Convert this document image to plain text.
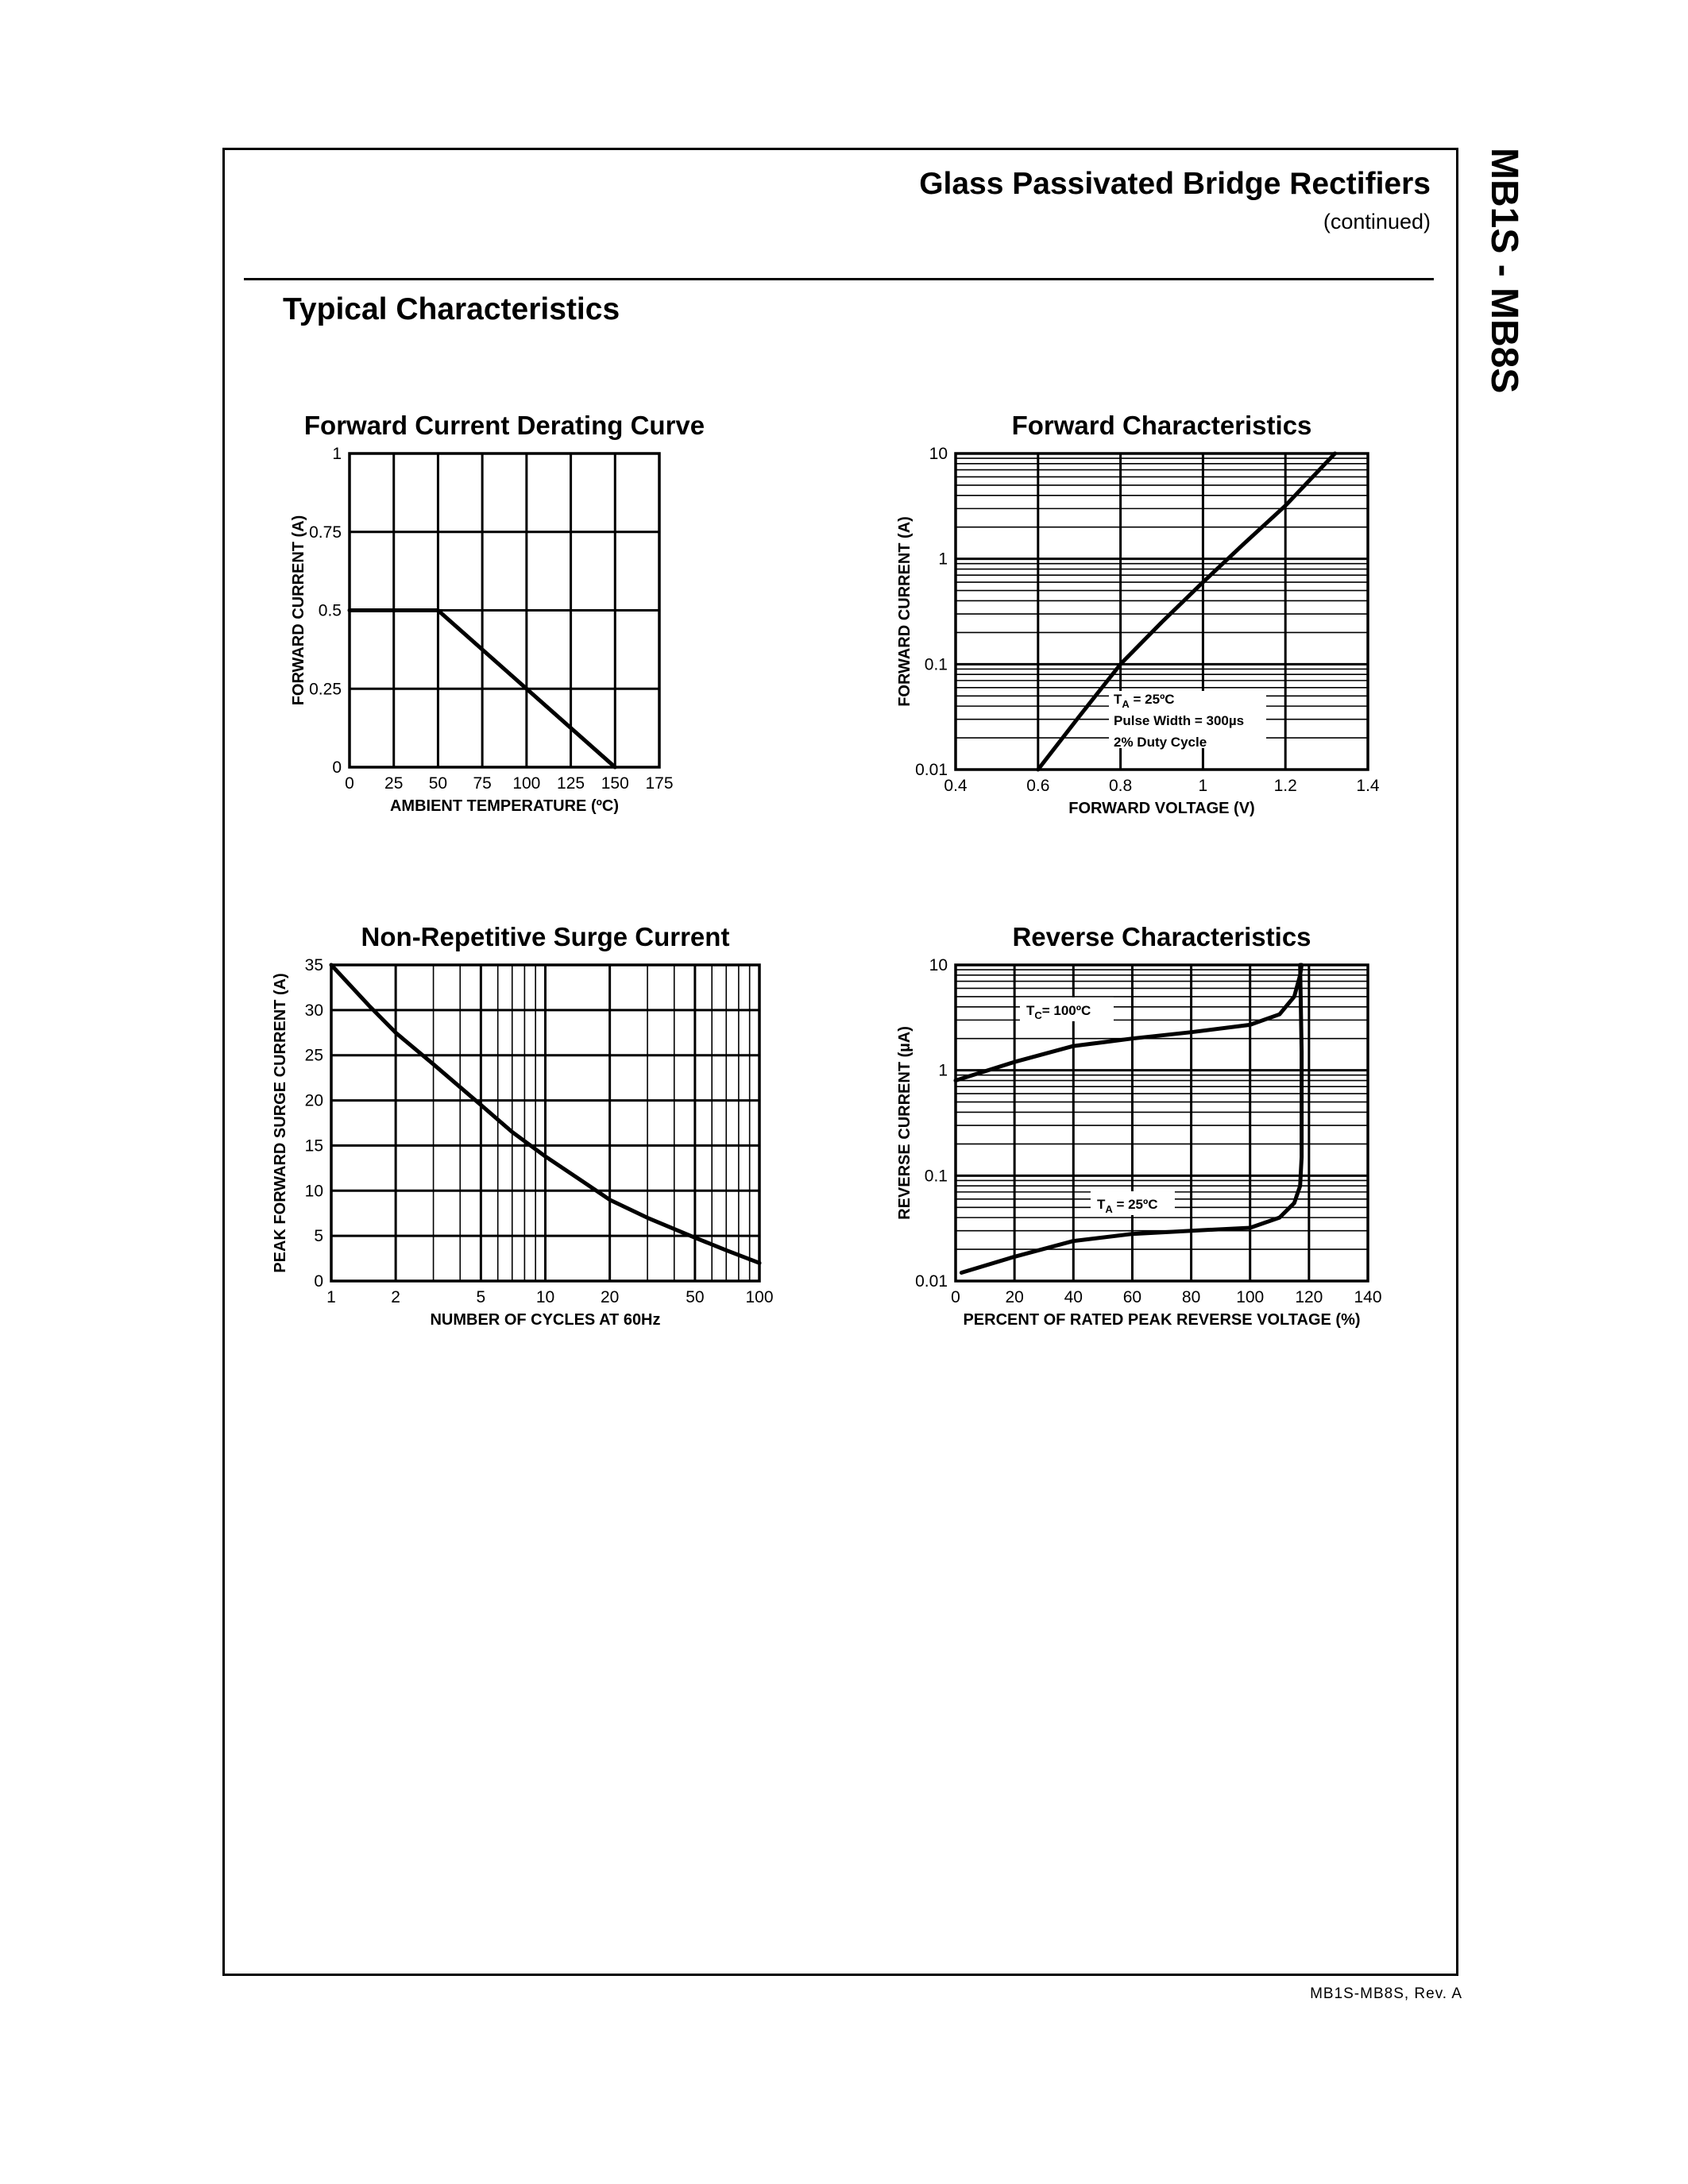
Glass Passivated Bridge Rectifiers
(continued)
Typical Characteristics	MB1S - MB8S
Forward Current Derating Curve
0 25 50 75 100 125 150 175
0
0.25
0.5
0.75
1
AMBIENT TEMPERATURE (ºC)
FORWARD CURRENT (A)
Forward Characteristics
0.4	0.6	0.8	1	1.2	1.4
0.01
0.1
1
10
FORWARD VOLTAGE (V)
FORWARD CURRENT (A)	$T_A$ = 25ºC
Pulse Width = 300µs
2% Duty Cycle
Non-Repetitive Surge Current
1	2	5	10	20	50 100
0
5
10
15
20
25
30
35
NUMBER OF CYCLES AT 60Hz
PEAK FORWARD SURGE CURRENT (A)
Reverse Characteristics
0	20 40 60 80 100 120 140
0.01
0.1
1
10
PERCENT OF RATED PEAK REVERSE VOLTAGE (%)
REVERSE CURRENT (µA)
$T_C=$ 100ºC
$T_A$ = 25ºC
MB1S-MB8S, Rev. A
